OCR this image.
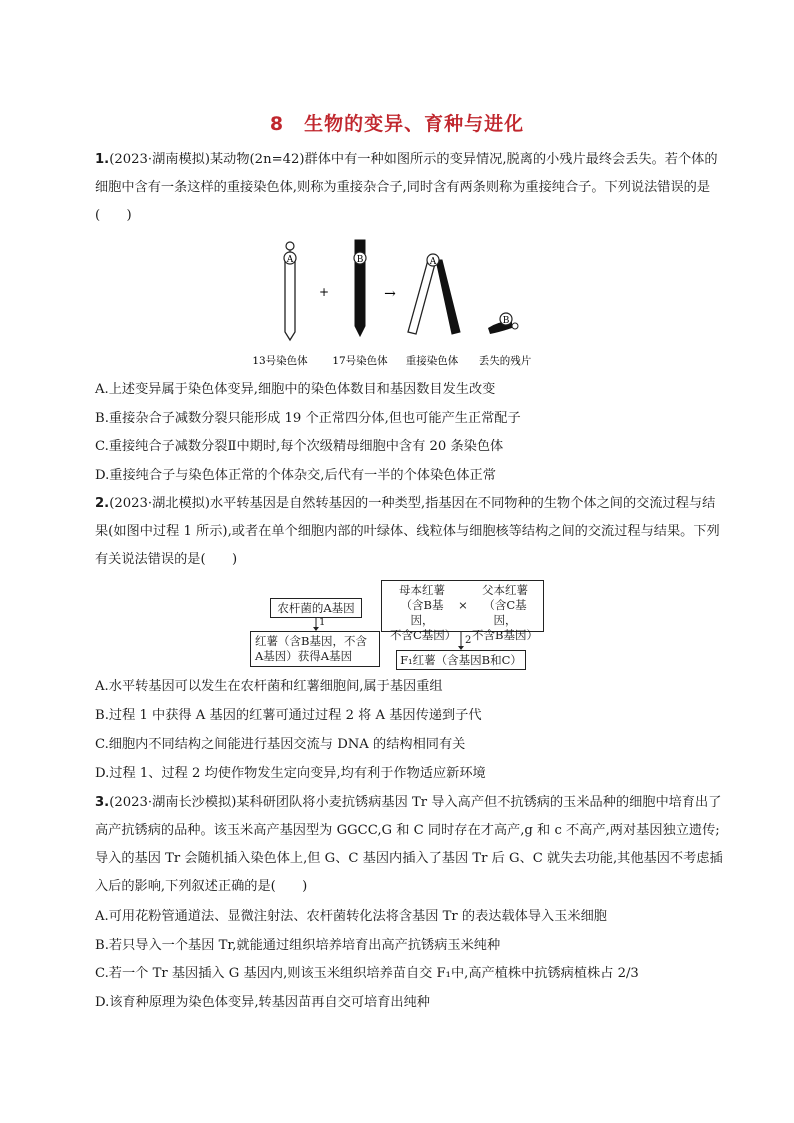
8　生物的变异、育种与进化

1.(2023·湖南模拟)某动物(2n=42)群体中有一种如图所示的变异情况,脱离的小残片最终会丢失。若个体的细胞中含有一条这样的重接染色体,则称为重接杂合子,同时含有两条则称为重接纯合子。下列说法错误的是(　　)

A
+
B
→
A
B
13号染色体 17号染色体 重接染色体 丢失的残片

A.上述变异属于染色体变异,细胞中的染色体数目和基因数目发生改变

B.重接杂合子减数分裂只能形成 19 个正常四分体,但也可能产生正常配子

C.重接纯合子减数分裂Ⅱ中期时,每个次级精母细胞中含有 20 条染色体

D.重接纯合子与染色体正常的个体杂交,后代有一半的个体染色体正常

2.(2023·湖北模拟)水平转基因是自然转基因的一种类型,指基因在不同物种的生物个体之间的交流过程与结果(如图中过程 1 所示),或者在单个细胞内部的叶绿体、线粒体与细胞核等结构之间的交流过程与结果。下列有关说法错误的是(　　)

农杆菌的A基因
母本红薯
（含B基因，
不含C基因）
×
父本红薯
（含C基因，
不含B基因）
红薯（含B基因，不含
A基因）获得A基因	F₁红薯（含基因B和C）
1
2

A.水平转基因可以发生在农杆菌和红薯细胞间,属于基因重组

B.过程 1 中获得 A 基因的红薯可通过过程 2 将 A 基因传递到子代

C.细胞内不同结构之间能进行基因交流与 DNA 的结构相同有关

D.过程 1、过程 2 均使作物发生定向变异,均有利于作物适应新环境

3.(2023·湖南长沙模拟)某科研团队将小麦抗锈病基因 Tr 导入高产但不抗锈病的玉米品种的细胞中培育出了高产抗锈病的品种。该玉米高产基因型为 GGCC,G 和 C 同时存在才高产,g 和 c 不高产,两对基因独立遗传;导入的基因 Tr 会随机插入染色体上,但 G、C 基因内插入了基因 Tr 后 G、C 就失去功能,其他基因不考虑插入后的影响,下列叙述正确的是(　　)

A.可用花粉管通道法、显微注射法、农杆菌转化法将含基因 Tr 的表达载体导入玉米细胞

B.若只导入一个基因 Tr,就能通过组织培养培育出高产抗锈病玉米纯种

C.若一个 Tr 基因插入 G 基因内,则该玉米组织培养苗自交 F₁中,高产植株中抗锈病植株占 2/3

D.该育种原理为染色体变异,转基因苗再自交可培育出纯种
